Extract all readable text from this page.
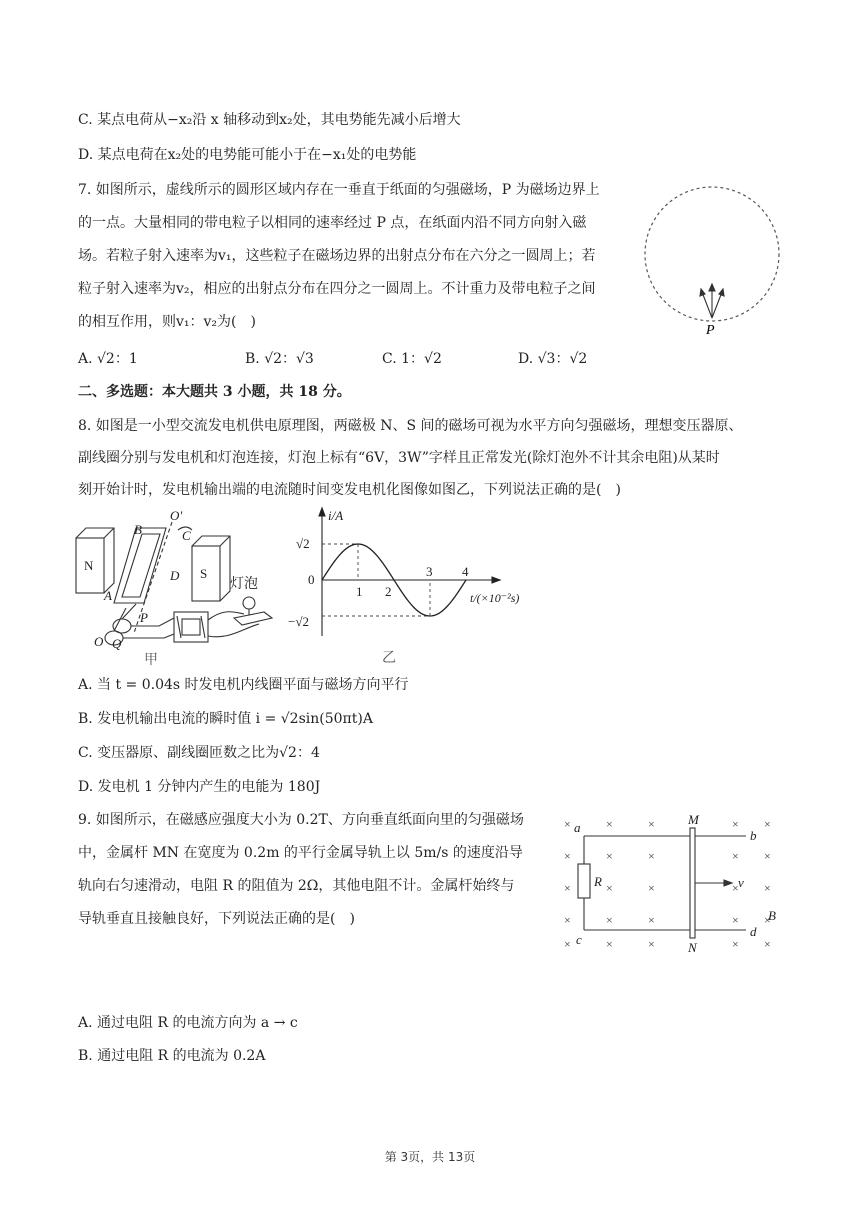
C. 某点电荷从−x₂沿 x 轴移动到x₂处，其电势能先减小后增大
D. 某点电荷在x₂处的电势能可能小于在−x₁处的电势能
7. 如图所示，虚线所示的圆形区域内存在一垂直于纸面的匀强磁场，P 为磁场边界上
的一点。大量相同的带电粒子以相同的速率经过 P 点，在纸面内沿不同方向射入磁
场。若粒子射入速率为v₁，这些粒子在磁场边界的出射点分布在六分之一圆周上；若
粒子射入速率为v₂，相应的出射点分布在四分之一圆周上。不计重力及带电粒子之间
的相互作用，则v₁：v₂为(　)
P
A. √2：1	B. √2：√3	C. 1：√2	D. √3：√2
二、多选题：本大题共 3 小题，共 18 分。
8. 如图是一小型交流发电机供电原理图，两磁极 N、S 间的磁场可视为水平方向匀强磁场，理想变压器原、
副线圈分别与发电机和灯泡连接，灯泡上标有“6V，3W”字样且正常发光(除灯泡外不计其余电阻)从某时
刻开始计时，发电机输出端的电流随时间变发电机化图像如图乙，下列说法正确的是(　)
N
S
B
O′
C
D
A
P
O Q
灯泡
甲
i/A
t/(×10⁻²s)
0
√2
−√2
1 2
3 4
乙
A. 当 t = 0.04s 时发电机内线圈平面与磁场方向平行
B. 发电机输出电流的瞬时值 i = √2sin(50πt)A
C. 变压器原、副线圈匝数之比为√2：4
D. 发电机 1 分钟内产生的电能为 180J
9. 如图所示，在磁感应强度大小为 0.2T、方向垂直纸面向里的匀强磁场
中，金属杆 MN 在宽度为 0.2m 的平行金属导轨上以 5m/s 的速度沿导
轨向右匀速滑动，电阻 R 的阻值为 2Ω，其他电阻不计。金属杆始终与
导轨垂直且接触良好，下列说法正确的是(　)
×	×	×	× ×
×	×	×	× ×
×	×	×	× ×
×	×	×	× ×
×	×	×	× ×
a
b
c
d
M
N
R	v
B
A. 通过电阻 R 的电流方向为 a → c
B. 通过电阻 R 的电流为 0.2A
第 3页，共 13页
